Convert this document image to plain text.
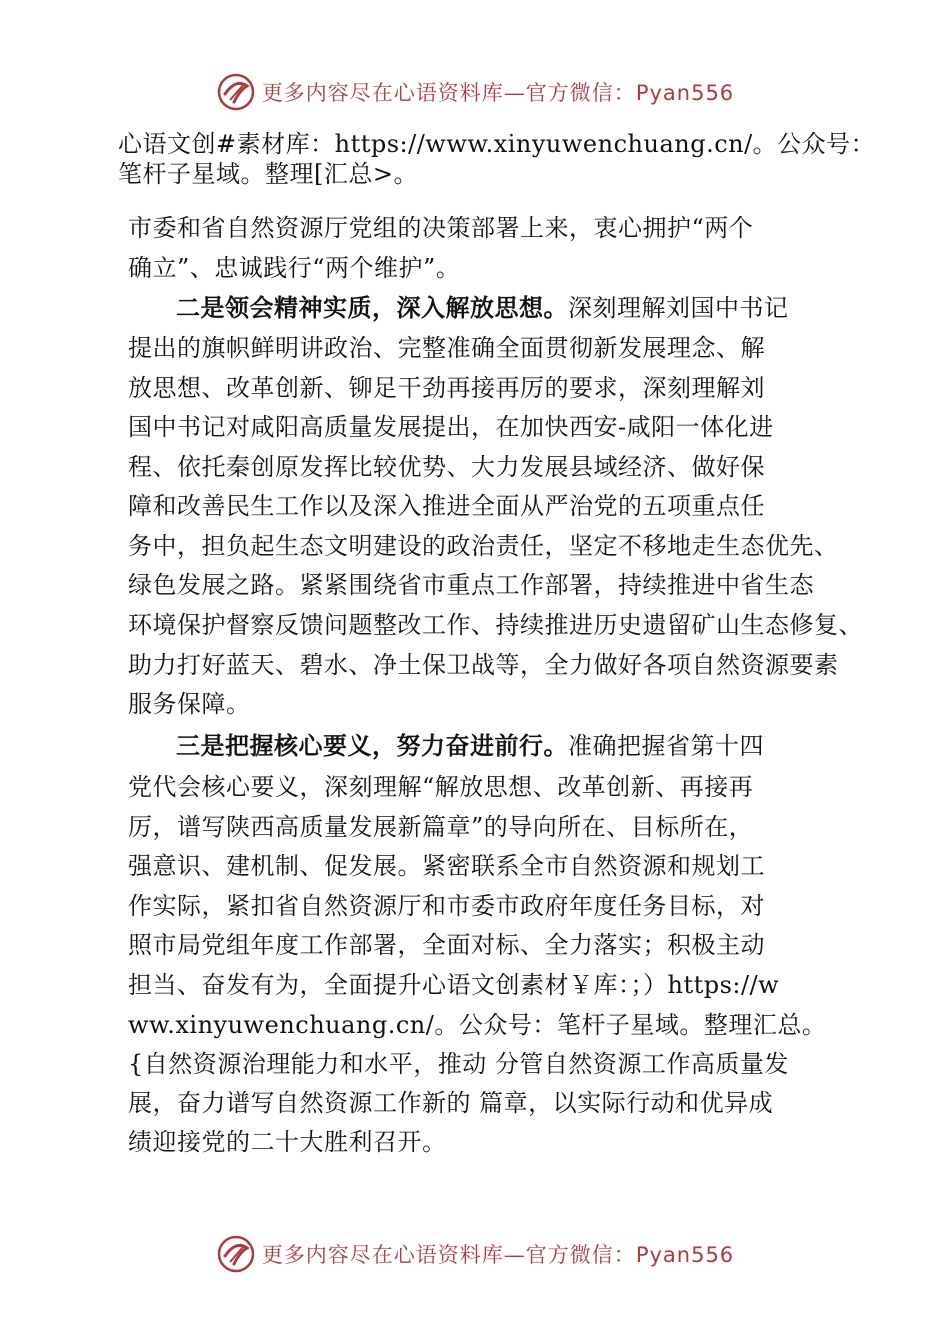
更多内容尽在心语资料库—官方微信：Pyan556
心语文创#素材库：https://www.xinyuwenchuang.cn/。公众号：
笔杆子星域。整理[汇总>。
市委和省自然资源厅党组的决策部署上来，衷心拥护“两个
确立”、忠诚践行“两个维护”。
二是领会精神实质，深入解放思想。深刻理解刘国中书记
提出的旗帜鲜明讲政治、完整准确全面贯彻新发展理念、解
放思想、改革创新、铆足干劲再接再厉的要求，深刻理解刘
国中书记对咸阳高质量发展提出，在加快西安-咸阳一体化进
程、依托秦创原发挥比较优势、大力发展县域经济、做好保
障和改善民生工作以及深入推进全面从严治党的五项重点任
务中，担负起生态文明建设的政治责任，坚定不移地走生态优先、
绿色发展之路。紧紧围绕省市重点工作部署，持续推进中省生态
环境保护督察反馈问题整改工作、持续推进历史遗留矿山生态修复、
助力打好蓝天、碧水、净土保卫战等，全力做好各项自然资源要素
服务保障。
三是把握核心要义，努力奋进前行。准确把握省第十四
党代会核心要义，深刻理解“解放思想、改革创新、再接再
厉，谱写陕西高质量发展新篇章”的导向所在、目标所在，
强意识、建机制、促发展。紧密联系全市自然资源和规划工
作实际，紧扣省自然资源厅和市委市政府年度任务目标，对
照市局党组年度工作部署，全面对标、全力落实；积极主动
担当、奋发有为，全面提升心语文创素材￥库：；）https://w
ww.xinyuwenchuang.cn/。公众号：笔杆子星域。整理汇总。
{自然资源治理能力和水平，推动 分管自然资源工作高质量发
展，奋力谱写自然资源工作新的 篇章，以实际行动和优异成
绩迎接党的二十大胜利召开。
更多内容尽在心语资料库—官方微信：Pyan556
